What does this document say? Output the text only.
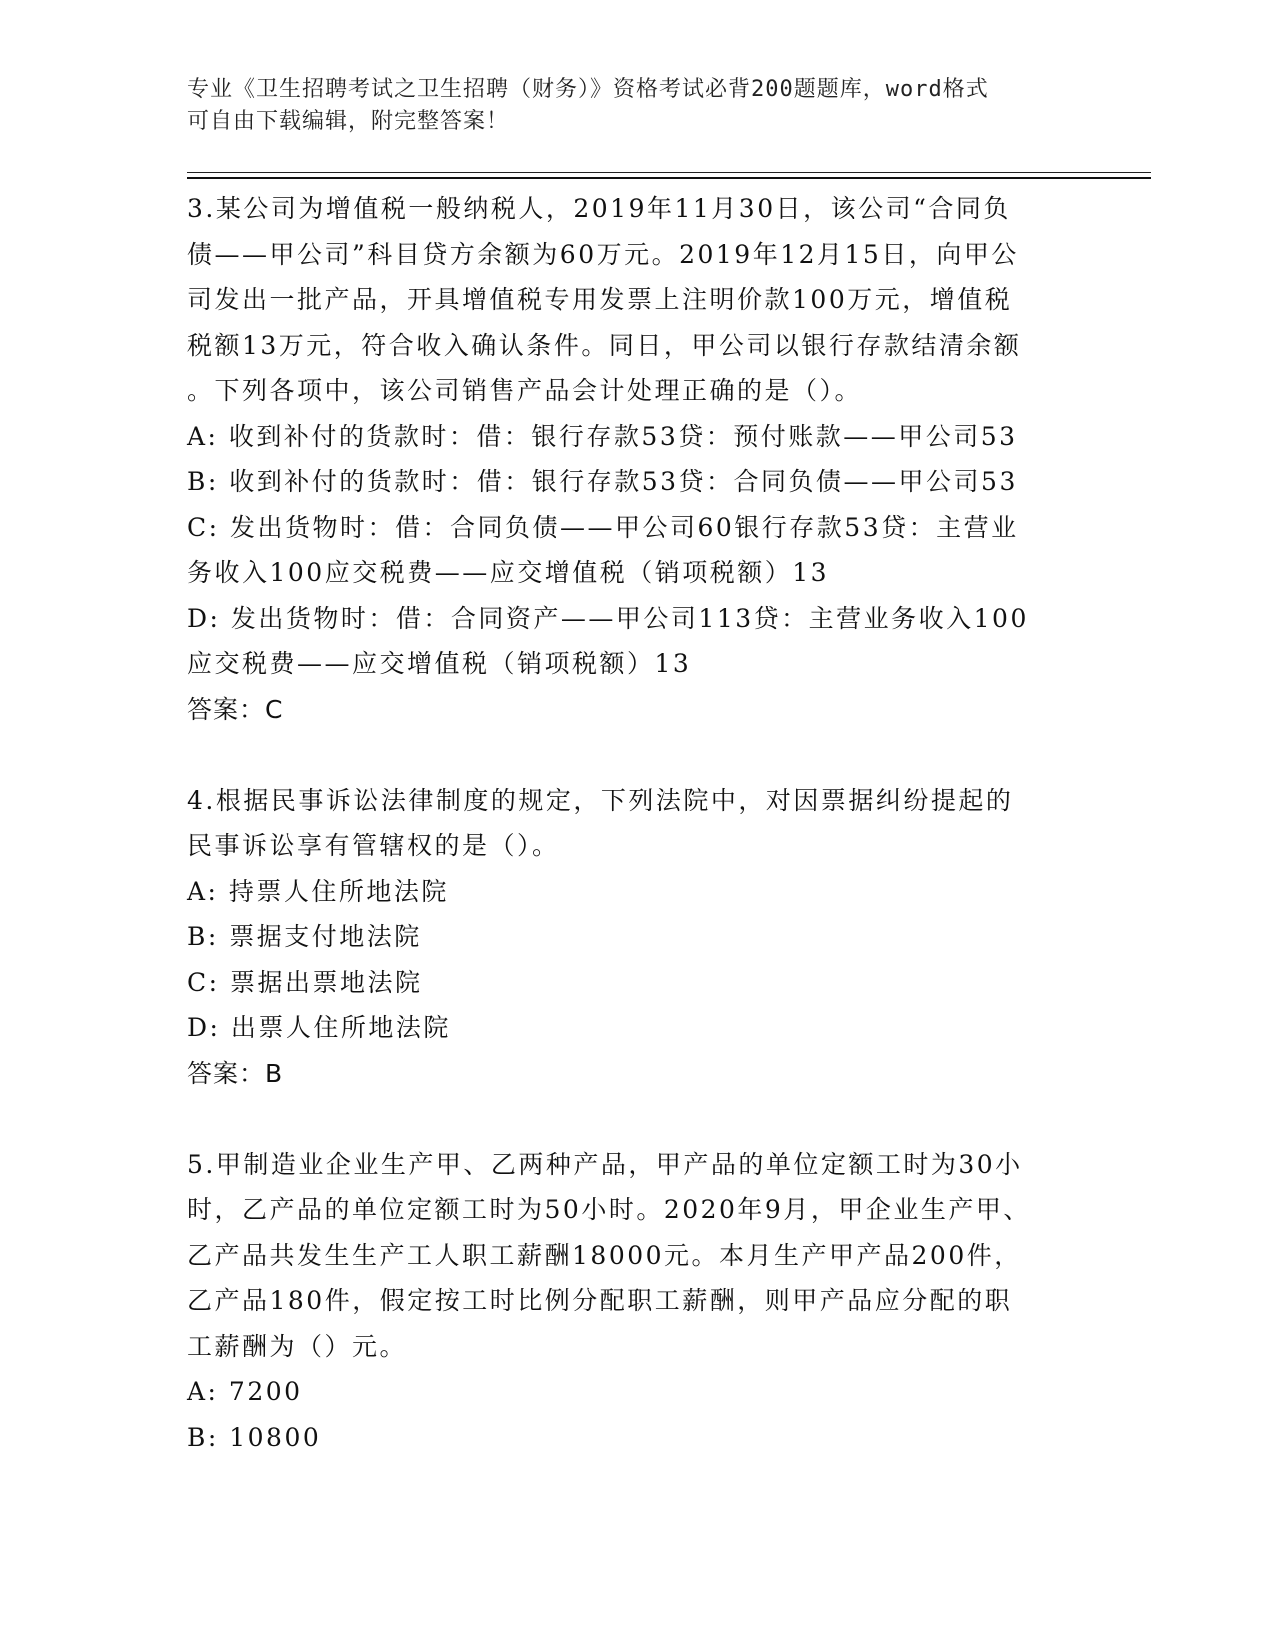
专业《卫生招聘考试之卫生招聘（财务）》资格考试必背200题题库，word格式
可自由下载编辑，附完整答案！
3.某公司为增值税一般纳税人，2019年11月30日，该公司“合同负
债——甲公司”科目贷方余额为60万元。2019年12月15日，向甲公
司发出一批产品，开具增值税专用发票上注明价款100万元，增值税
税额13万元，符合收入确认条件。同日，甲公司以银行存款结清余额
。下列各项中，该公司销售产品会计处理正确的是（）。
A: 收到补付的货款时：借：银行存款53贷：预付账款——甲公司53
B: 收到补付的货款时：借：银行存款53贷：合同负债——甲公司53
C: 发出货物时：借：合同负债——甲公司60银行存款53贷：主营业
务收入100应交税费——应交增值税（销项税额）13
D: 发出货物时：借：合同资产——甲公司113贷：主营业务收入100
应交税费——应交增值税（销项税额）13
答案：C
4.根据民事诉讼法律制度的规定，下列法院中，对因票据纠纷提起的
民事诉讼享有管辖权的是（）。
A: 持票人住所地法院
B: 票据支付地法院
C: 票据出票地法院
D: 出票人住所地法院
答案：B
5.甲制造业企业生产甲、乙两种产品，甲产品的单位定额工时为30小
时，乙产品的单位定额工时为50小时。2020年9月，甲企业生产甲、
乙产品共发生生产工人职工薪酬18000元。本月生产甲产品200件，
乙产品180件，假定按工时比例分配职工薪酬，则甲产品应分配的职
工薪酬为（）元。
A: 7200
B: 10800
